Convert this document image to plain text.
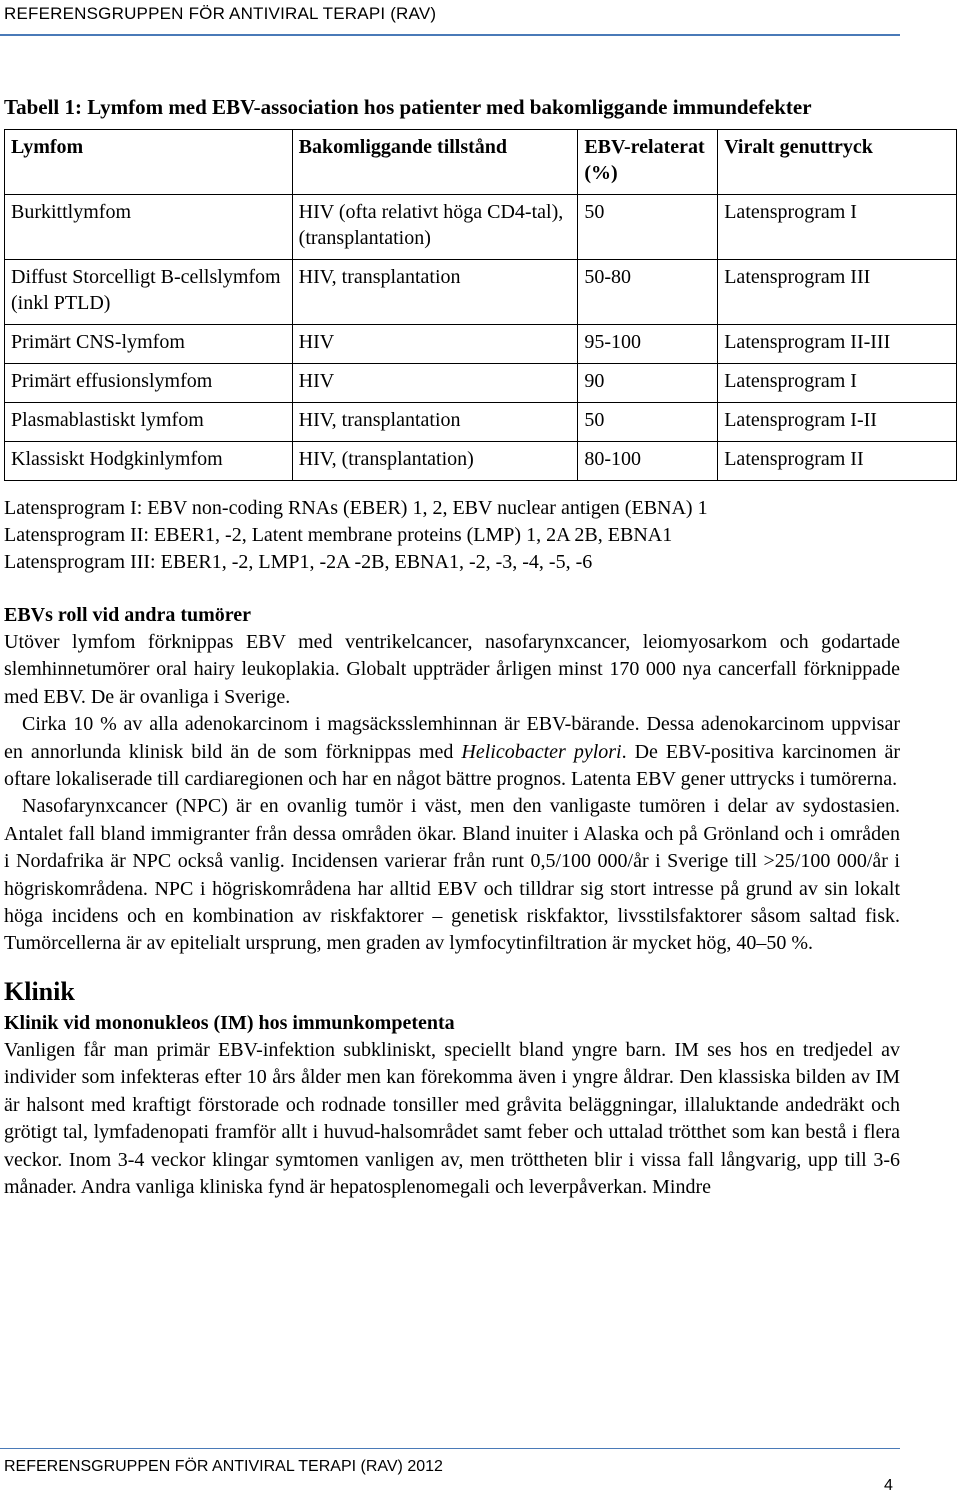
REFERENSGRUPPEN FÖR ANTIVIRAL TERAPI (RAV)
Tabell 1: Lymfom med EBV-association hos patienter med bakomliggande immundefekter
Lymfom	Bakomliggande tillstånd	EBV-relaterat (%)	Viralt genuttryck
Burkittlymfom	HIV (ofta relativt höga CD4-tal), (transplantation)	50	Latensprogram I
Diffust Storcelligt B-cellslymfom (inkl PTLD)	HIV, transplantation	50-80	Latensprogram III
Primärt CNS-lymfom	HIV	95-100	Latensprogram II-III
Primärt effusionslymfom	HIV	90	Latensprogram I
Plasmablastiskt lymfom	HIV, transplantation	50	Latensprogram I-II
Klassiskt Hodgkinlymfom	HIV, (transplantation)	80-100	Latensprogram II
Latensprogram I: EBV non-coding RNAs (EBER) 1, 2, EBV nuclear antigen (EBNA) 1
Latensprogram II: EBER1, -2, Latent membrane proteins (LMP) 1, 2A 2B, EBNA1
Latensprogram III: EBER1, -2, LMP1, -2A -2B, EBNA1, -2, -3, -4, -5, -6
EBVs roll vid andra tumörer

Utöver lymfom förknippas EBV med ventrikelcancer, nasofarynxcancer, leiomyosarkom och godartade slemhinnetumörer oral hairy leukoplakia. Globalt uppträder årligen minst 170 000 nya cancerfall förknippade med EBV. De är ovanliga i Sverige.

Cirka 10 % av alla adenokarcinom i magsäcksslemhinnan är EBV-bärande. Dessa adenokarcinom uppvisar en annorlunda klinisk bild än de som förknippas med Helicobacter pylori. De EBV-positiva karcinomen är oftare lokaliserade till cardiaregionen och har en något bättre prognos. Latenta EBV gener uttrycks i tumörerna.

Nasofarynxcancer (NPC) är en ovanlig tumör i väst, men den vanligaste tumören i delar av sydostasien. Antalet fall bland immigranter från dessa områden ökar. Bland inuiter i Alaska och på Grönland och i områden i Nordafrika är NPC också vanlig. Incidensen varierar från runt 0,5/100 000/år i Sverige till >25/100 000/år i högriskområdena. NPC i högriskområdena har alltid EBV och tilldrar sig stort intresse på grund av sin lokalt höga incidens och en kombination av riskfaktorer – genetisk riskfaktor, livsstilsfaktorer såsom saltad fisk. Tumörcellerna är av epitelialt ursprung, men graden av lymfocytinfiltration är mycket hög, 40–50 %.

Klinik
Klinik vid mononukleos (IM) hos immunkompetenta

Vanligen får man primär EBV-infektion subkliniskt, speciellt bland yngre barn. IM ses hos en tredjedel av individer som infekteras efter 10 års ålder men kan förekomma även i yngre åldrar. Den klassiska bilden av IM är halsont med kraftigt förstorade och rodnade tonsiller med gråvita beläggningar, illaluktande andedräkt och grötigt tal, lymfadenopati framför allt i huvud-halsområdet samt feber och uttalad trötthet som kan bestå i flera veckor. Inom 3-4 veckor klingar symtomen vanligen av, men tröttheten blir i vissa fall långvarig, upp till 3-6 månader. Andra vanliga kliniska fynd är hepatosplenomegali och leverpåverkan. Mindre

REFERENSGRUPPEN FÖR ANTIVIRAL TERAPI (RAV) 2012
4
